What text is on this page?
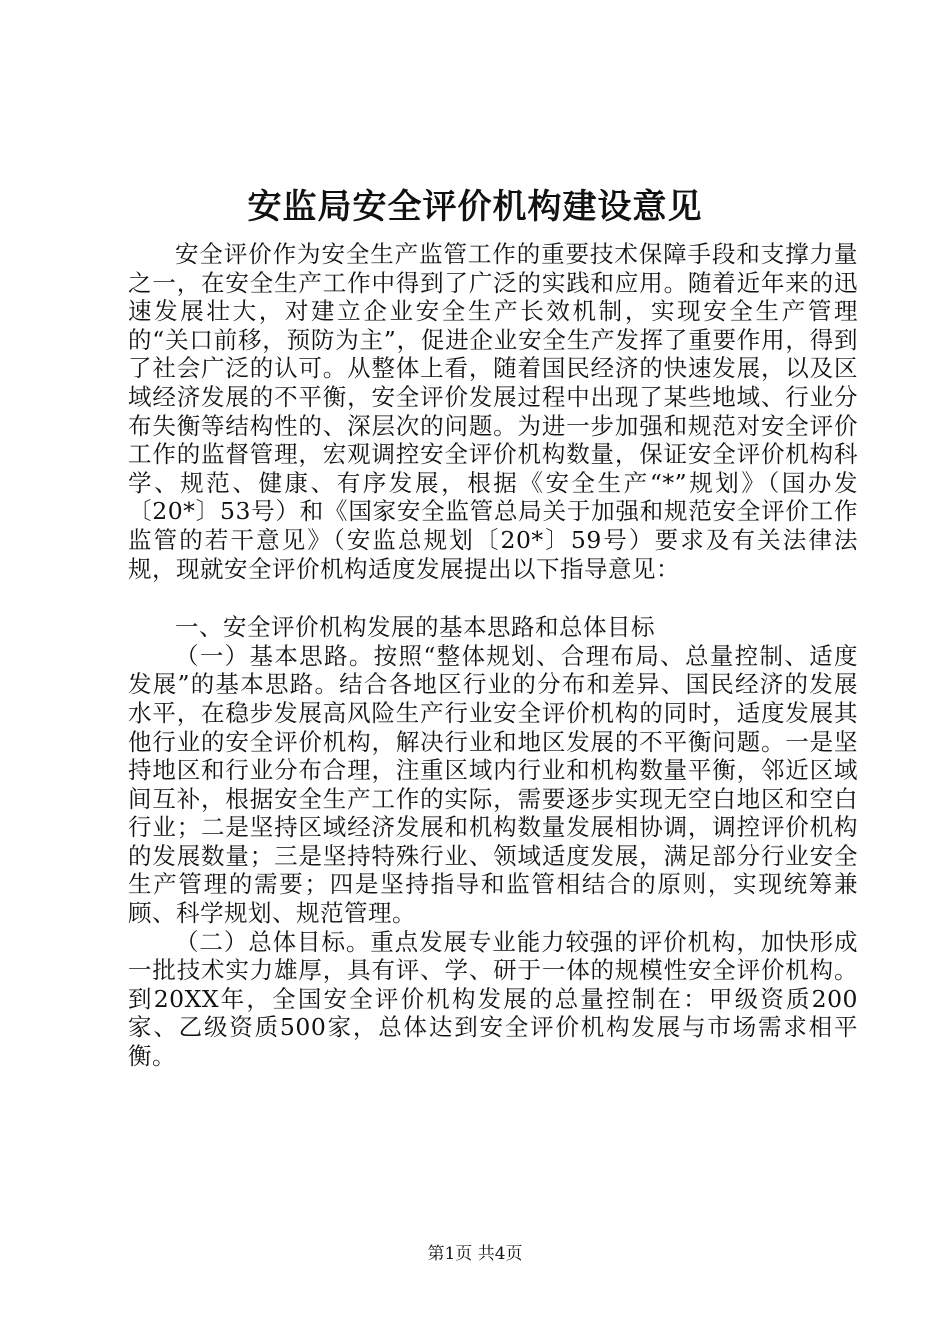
安监局安全评价机构建设意见

安全评价作为安全生产监管工作的重要技术保障手段和支撑力量之一，在安全生产工作中得到了广泛的实践和应用。随着近年来的迅速发展壮大，对建立企业安全生产长效机制，实现安全生产管理的“关口前移，预防为主”，促进企业安全生产发挥了重要作用，得到了社会广泛的认可。从整体上看，随着国民经济的快速发展，以及区域经济发展的不平衡，安全评价发展过程中出现了某些地域、行业分布失衡等结构性的、深层次的问题。为进一步加强和规范对安全评价工作的监督管理，宏观调控安全评价机构数量，保证安全评价机构科学、规范、健康、有序发展，根据《安全生产“*”规划》（国办发〔20*〕53号）和《国家安全监管总局关于加强和规范安全评价工作监管的若干意见》（安监总规划〔20*〕59号）要求及有关法律法规，现就安全评价机构适度发展提出以下指导意见：

一、安全评价机构发展的基本思路和总体目标

（一）基本思路。按照“整体规划、合理布局、总量控制、适度发展”的基本思路。结合各地区行业的分布和差异、国民经济的发展水平，在稳步发展高风险生产行业安全评价机构的同时，适度发展其他行业的安全评价机构，解决行业和地区发展的不平衡问题。一是坚持地区和行业分布合理，注重区域内行业和机构数量平衡，邻近区域间互补，根据安全生产工作的实际，需要逐步实现无空白地区和空白行业；二是坚持区域经济发展和机构数量发展相协调，调控评价机构的发展数量；三是坚持特殊行业、领域适度发展，满足部分行业安全生产管理的需要；四是坚持指导和监管相结合的原则，实现统筹兼顾、科学规划、规范管理。

（二）总体目标。重点发展专业能力较强的评价机构，加快形成一批技术实力雄厚，具有评、学、研于一体的规模性安全评价机构。到20XX年，全国安全评价机构发展的总量控制在：甲级资质200家、乙级资质500家，总体达到安全评价机构发展与市场需求相平衡。

第1页 共4页
